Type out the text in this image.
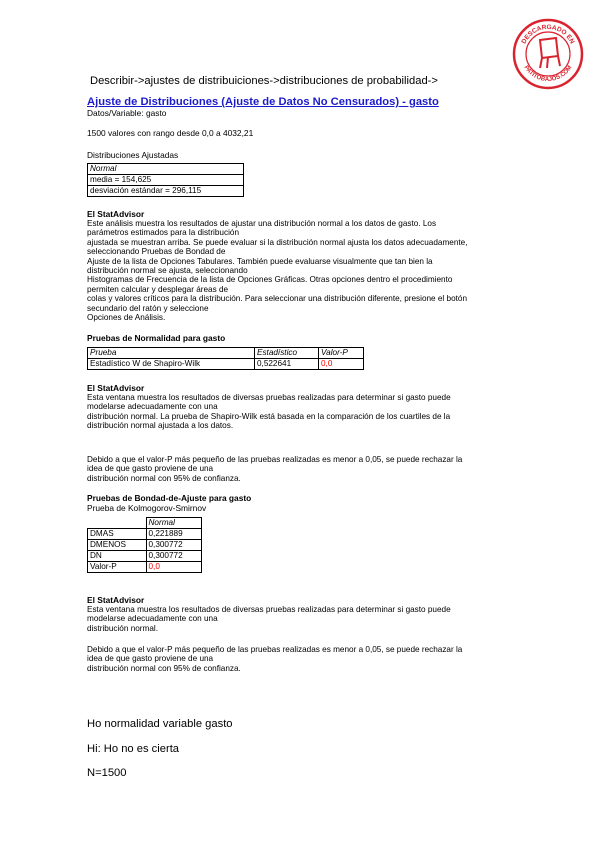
DESCARGADO EN
PATITOBAJOS.COM
Describir->ajustes de distribuiciones->distribuciones de probabilidad->
Ajuste de Distribuciones (Ajuste de Datos No Censurados) - gasto
Datos/Variable: gasto
1500 valores con rango desde 0,0 a 4032,21
Distribuciones Ajustadas
Normal
media = 154,625
desviación estándar = 296,115
El StatAdvisor
Este análisis muestra los resultados de ajustar una distribución normal a los datos de gasto. Los
parámetros estimados para la distribución
ajustada se muestran arriba. Se puede evaluar si la distribución normal ajusta los datos adecuadamente,
seleccionando Pruebas de Bondad de
Ajuste de la lista de Opciones Tabulares. También puede evaluarse visualmente que tan bien la
distribución normal se ajusta, seleccionando
Histogramas de Frecuencia de la lista de Opciones Gráficas. Otras opciones dentro el procedimiento
permiten calcular y desplegar áreas de
colas y valores críticos para la distribución. Para seleccionar una distribución diferente, presione el botón
secundario del ratón y seleccione
Opciones de Análisis.
Pruebas de Normalidad para gasto
Prueba	Estadístico	Valor-P
Estadístico W de Shapiro-Wilk	0,522641	0,0
El StatAdvisor
Esta ventana muestra los resultados de diversas pruebas realizadas para determinar si gasto puede
modelarse adecuadamente con una
distribución normal. La prueba de Shapiro-Wilk está basada en la comparación de los cuartiles de la
distribución normal ajustada a los datos.
Debido a que el valor-P más pequeño de las pruebas realizadas es menor a 0,05, se puede rechazar la
idea de que gasto proviene de una
distribución normal con 95% de confianza.
Pruebas de Bondad-de-Ajuste para gasto
Prueba de Kolmogorov-Smirnov
	Normal
DMAS	0,221889
DMENOS	0,300772
DN	0,300772
Valor-P	0,0
El StatAdvisor
Esta ventana muestra los resultados de diversas pruebas realizadas para determinar si gasto puede
modelarse adecuadamente con una
distribución normal.
Debido a que el valor-P más pequeño de las pruebas realizadas es menor a 0,05, se puede rechazar la
idea de que gasto proviene de una
distribución normal con 95% de confianza.
Ho normalidad variable gasto
Hi: Ho no es cierta
N=1500
